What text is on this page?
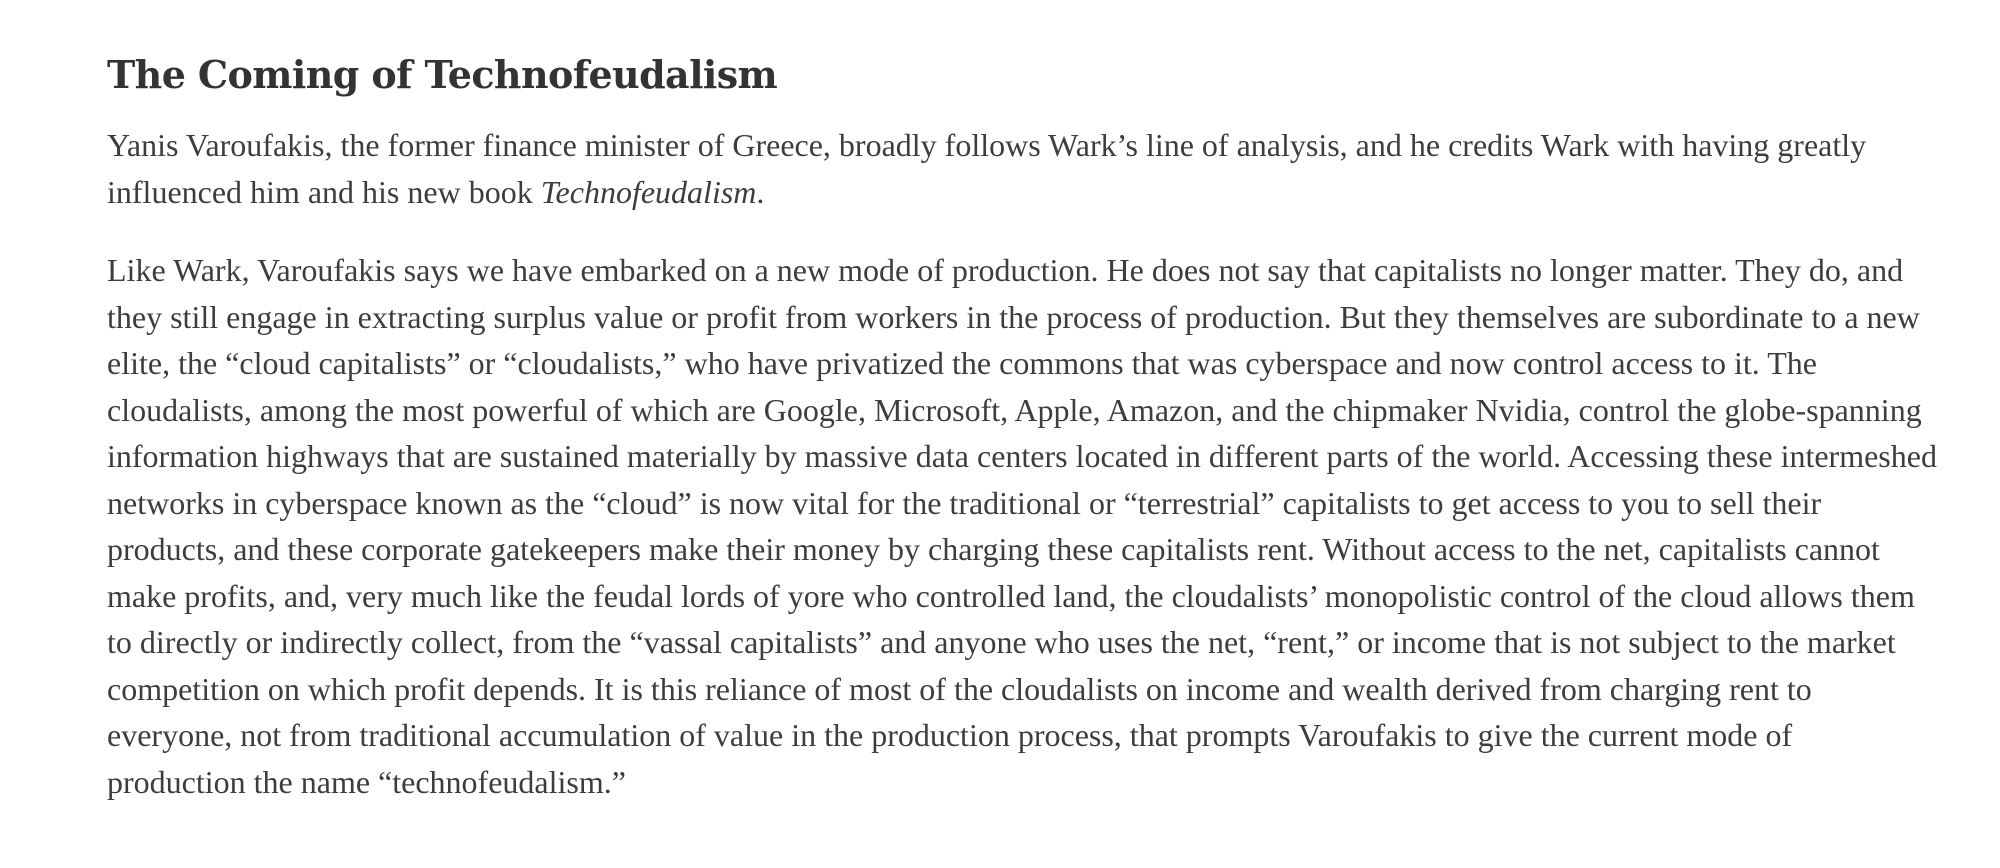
The Coming of Technofeudalism

Yanis Varoufakis, the former finance minister of Greece, broadly follows Wark’s line of analysis, and he credits Wark with having greatly influenced him and his new book Technofeudalism.

Like Wark, Varoufakis says we have embarked on a new mode of production. He does not say that capitalists no longer matter. They do, and they still engage in extracting surplus value or profit from workers in the process of production. But they themselves are subordinate to a new elite, the “cloud capitalists” or “cloudalists,” who have privatized the commons that was cyberspace and now control access to it. The cloudalists, among the most powerful of which are Google, Microsoft, Apple, Amazon, and the chipmaker Nvidia, control the globe-spanning information highways that are sustained materially by massive data centers located in different parts of the world. Accessing these intermeshed networks in cyberspace known as the “cloud” is now vital for the traditional or “terrestrial” capitalists to get access to you to sell their products, and these corporate gatekeepers make their money by charging these capitalists rent. Without access to the net, capitalists cannot make profits, and, very much like the feudal lords of yore who controlled land, the cloudalists’ monopolistic control of the cloud allows them to directly or indirectly collect, from the “vassal capitalists” and anyone who uses the net, “rent,” or income that is not subject to the market competition on which profit depends. It is this reliance of most of the cloudalists on income and wealth derived from charging rent to everyone, not from traditional accumulation of value in the production process, that prompts Varoufakis to give the current mode of production the name “technofeudalism.”
